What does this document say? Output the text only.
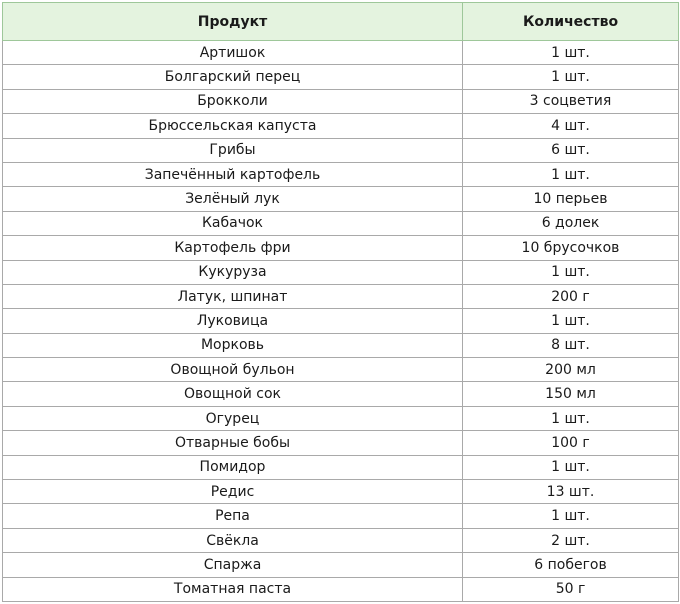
Продукт	Количество
Артишок	1 шт.
Болгарский перец	1 шт.
Брокколи	3 соцветия
Брюссельская капуста	4 шт.
Грибы	6 шт.
Запечённый картофель	1 шт.
Зелёный лук	10 перьев
Кабачок	6 долек
Картофель фри	10 брусочков
Кукуруза	1 шт.
Латук, шпинат	200 г
Луковица	1 шт.
Морковь	8 шт.
Овощной бульон	200 мл
Овощной сок	150 мл
Огурец	1 шт.
Отварные бобы	100 г
Помидор	1 шт.
Редис	13 шт.
Репа	1 шт.
Свёкла	2 шт.
Спаржа	6 побегов
Томатная паста	50 г
